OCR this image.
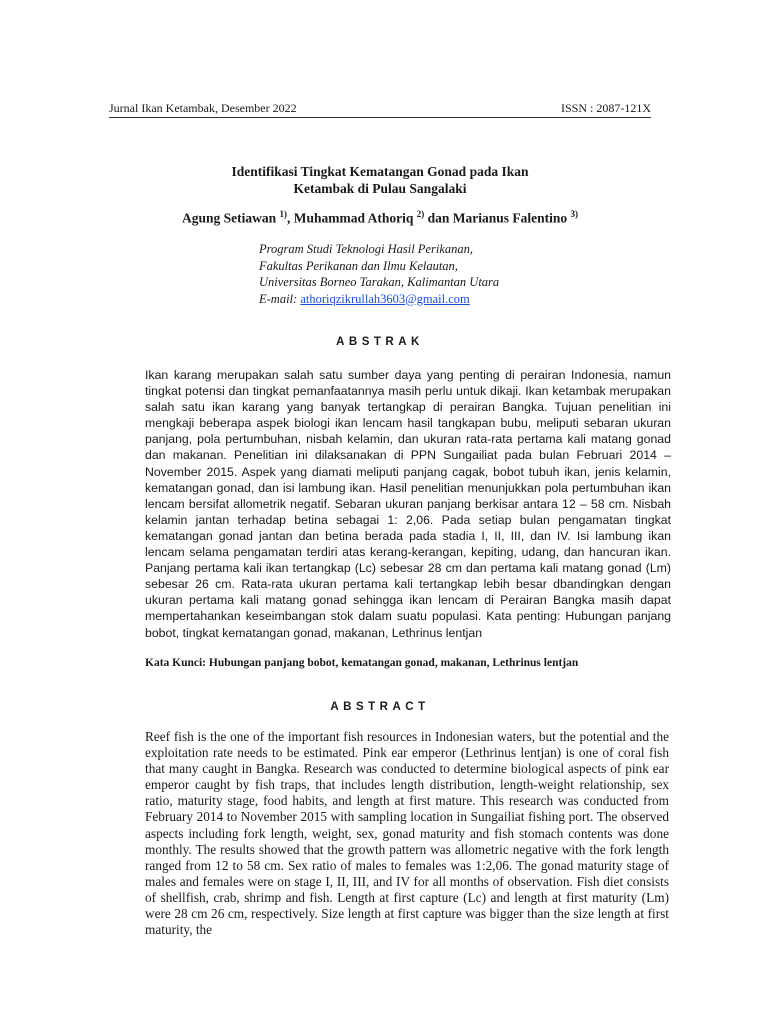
Jurnal Ikan Ketambak, Desember 2022	ISSN : 2087-121X
Identifikasi Tingkat Kematangan Gonad pada Ikan
Ketambak di Pulau Sangalaki
Agung Setiawan $^{1)}$, Muhammad Athoriq $^{2)}$ dan Marianus Falentino $^{3)}$
Program Studi Teknologi Hasil Perikanan,
Fakultas Perikanan dan Ilmu Kelautan,
Universitas Borneo Tarakan, Kalimantan Utara
E-mail: athoriqzikrullah3603@gmail.com
ABSTRAK

Ikan karang merupakan salah satu sumber daya yang penting di perairan Indonesia, namun tingkat potensi dan tingkat pemanfaatannya masih perlu untuk dikaji. Ikan ketambak merupakan salah satu ikan karang yang banyak tertangkap di perairan Bangka. Tujuan penelitian ini mengkaji beberapa aspek biologi ikan lencam hasil tangkapan bubu, meliputi sebaran ukuran panjang, pola pertumbuhan, nisbah kelamin, dan ukuran rata-rata pertama kali matang gonad dan makanan. Penelitian ini dilaksanakan di PPN Sungailiat pada bulan Februari 2014 – November 2015. Aspek yang diamati meliputi panjang cagak, bobot tubuh ikan, jenis kelamin, kematangan gonad, dan isi lambung ikan. Hasil penelitian menunjukkan pola pertumbuhan ikan lencam bersifat allometrik negatif. Sebaran ukuran panjang berkisar antara 12 – 58 cm. Nisbah kelamin jantan terhadap betina sebagai 1: 2,06. Pada setiap bulan pengamatan tingkat kematangan gonad jantan dan betina berada pada stadia I, II, III, dan IV. Isi lambung ikan lencam selama pengamatan terdiri atas kerang-kerangan, kepiting, udang, dan hancuran ikan. Panjang pertama kali ikan tertangkap (Lc) sebesar 28 cm dan pertama kali matang gonad (Lm) sebesar 26 cm. Rata-rata ukuran pertama kali tertangkap lebih besar dbandingkan dengan ukuran pertama kali matang gonad sehingga ikan lencam di Perairan Bangka masih dapat mempertahankan keseimbangan stok dalam suatu populasi. Kata penting: Hubungan panjang bobot, tingkat kematangan gonad, makanan, Lethrinus lentjan

Kata Kunci: Hubungan panjang bobot, kematangan gonad, makanan, Lethrinus lentjan
ABSTRACT

Reef fish is the one of the important fish resources in Indonesian waters, but the potential and the exploitation rate needs to be estimated. Pink ear emperor (Lethrinus lentjan) is one of coral fish that many caught in Bangka. Research was conducted to determine biological aspects of pink ear emperor caught by fish traps, that includes length distribution, length-weight relationship, sex ratio, maturity stage, food habits, and length at first mature. This research was conducted from February 2014 to November 2015 with sampling location in Sungailiat fishing port. The observed aspects including fork length, weight, sex, gonad maturity and fish stomach contents was done monthly. The results showed that the growth pattern was allometric negative with the fork length ranged from 12 to 58 cm. Sex ratio of males to females was 1:2,06. The gonad maturity stage of males and females were on stage I, II, III, and IV for all months of observation. Fish diet consists of shellfish, crab, shrimp and fish. Length at first capture (Lc) and length at first maturity (Lm) were 28 cm 26 cm, respectively. Size length at first capture was bigger than the size length at first maturity, the
